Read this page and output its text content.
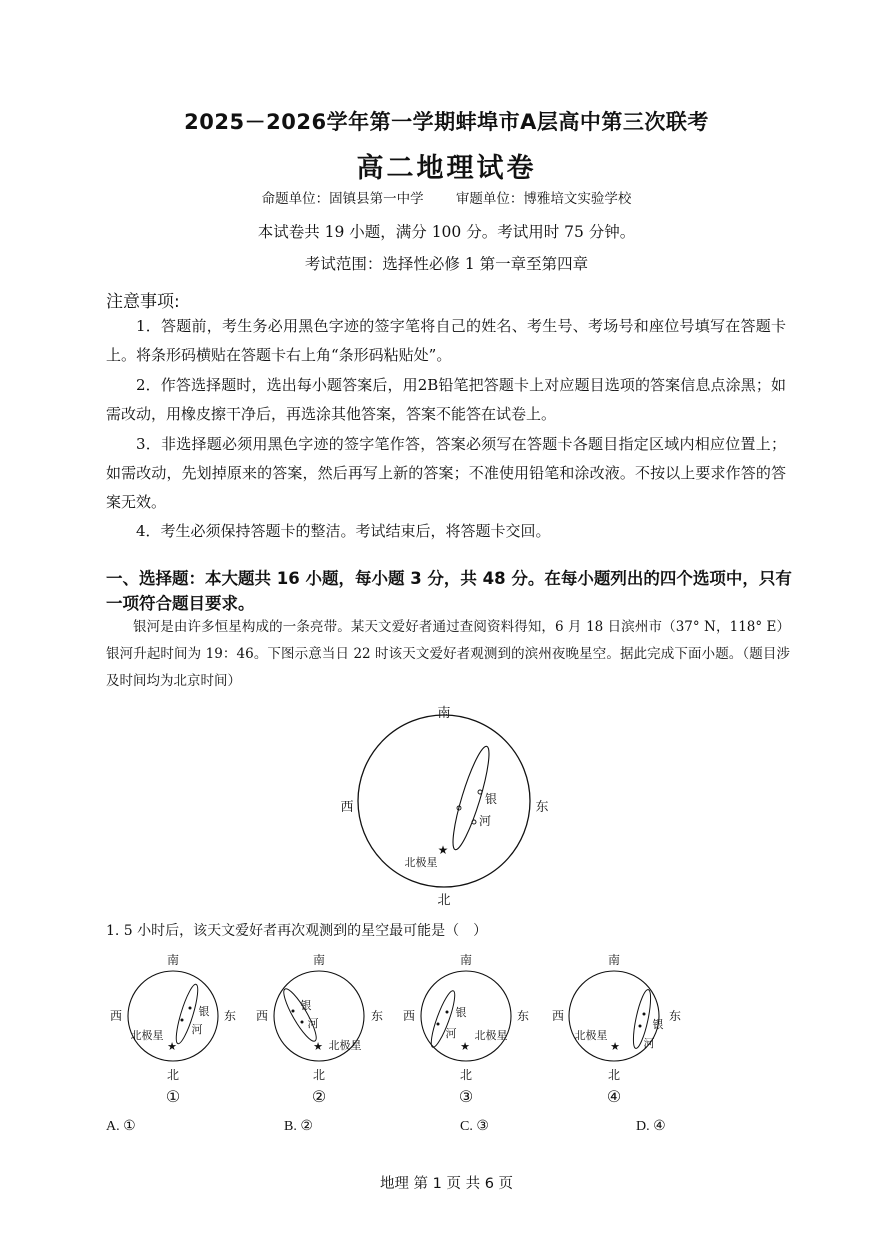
2025－2026学年第一学期蚌埠市A层高中第三次联考
高二地理试卷
命题单位：固镇县第一中学 审题单位：博雅培文实验学校
本试卷共 19 小题，满分 100 分。考试用时 75 分钟。
考试范围：选择性必修 1 第一章至第四章
注意事项:
1．答题前，考生务必用黑色字迹的签字笔将自己的姓名、考生号、考场号和座位号填写在答题卡上。将条形码横贴在答题卡右上角“条形码粘贴处”。
2．作答选择题时，选出每小题答案后，用2B铅笔把答题卡上对应题目选项的答案信息点涂黑；如需改动，用橡皮擦干净后，再选涂其他答案，答案不能答在试卷上。
3．非选择题必须用黑色字迹的签字笔作答，答案必须写在答题卡各题目指定区域内相应位置上；如需改动，先划掉原来的答案，然后再写上新的答案；不准使用铅笔和涂改液。不按以上要求作答的答案无效。
4．考生必须保持答题卡的整洁。考试结束后，将答题卡交回。
一、选择题：本大题共 16 小题，每小题 3 分，共 48 分。在每小题列出的四个选项中，只有一项符合题目要求。
银河是由许多恒星构成的一条亮带。某天文爱好者通过查阅资料得知，6 月 18 日滨州市（37° N，118° E）银河升起时间为 19：46。下图示意当日 22 时该天文爱好者观测到的滨州夜晚星空。据此完成下面小题。（题目涉及时间均为北京时间）
南
北
西	东
银
河
★
北极星
南
北
西	东
银
河
★
北极星
①
南
北
西	东
银
河
★ 北极星
②
南
北
西	东
银
河
★
北极星
③
南
北
西	东
银
河
★
北极星
④
1. 5 小时后，该天文爱好者再次观测到的星空最可能是（　）
A. ①	B. ②	C. ③	D. ④
地理 第 1 页 共 6 页
